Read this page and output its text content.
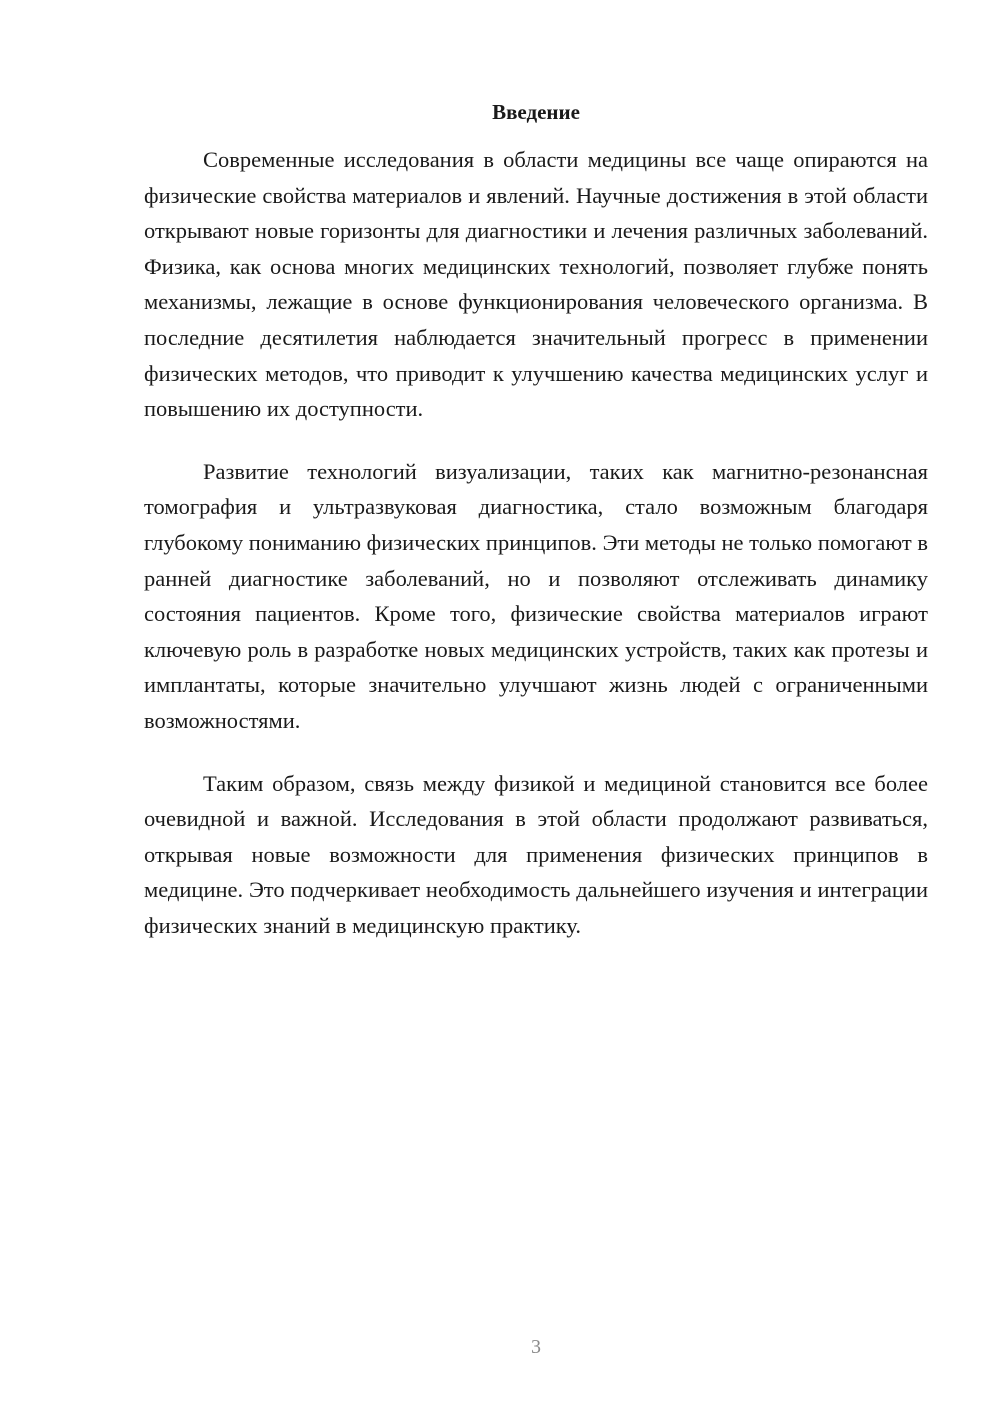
Введение

Современные исследования в области медицины все чаще опираются на физические свойства материалов и явлений. Научные достижения в этой области открывают новые горизонты для диагностики и лечения различных заболеваний. Физика, как основа многих медицинских технологий, позволяет глубже понять механизмы, лежащие в основе функционирования человеческого организма. В последние десятилетия наблюдается значительный прогресс в применении физических методов, что приводит к улучшению качества медицинских услуг и повышению их доступности.

Развитие технологий визуализации, таких как магнитно-резонансная томография и ультразвуковая диагностика, стало возможным благодаря глубокому пониманию физических принципов. Эти методы не только помогают в ранней диагностике заболеваний, но и позволяют отслеживать динамику состояния пациентов. Кроме того, физические свойства материалов играют ключевую роль в разработке новых медицинских устройств, таких как протезы и имплантаты, которые значительно улучшают жизнь людей с ограниченными возможностями.

Таким образом, связь между физикой и медициной становится все более очевидной и важной. Исследования в этой области продолжают развиваться, открывая новые возможности для применения физических принципов в медицине. Это подчеркивает необходимость дальнейшего изучения и интеграции физических знаний в медицинскую практику.

3
